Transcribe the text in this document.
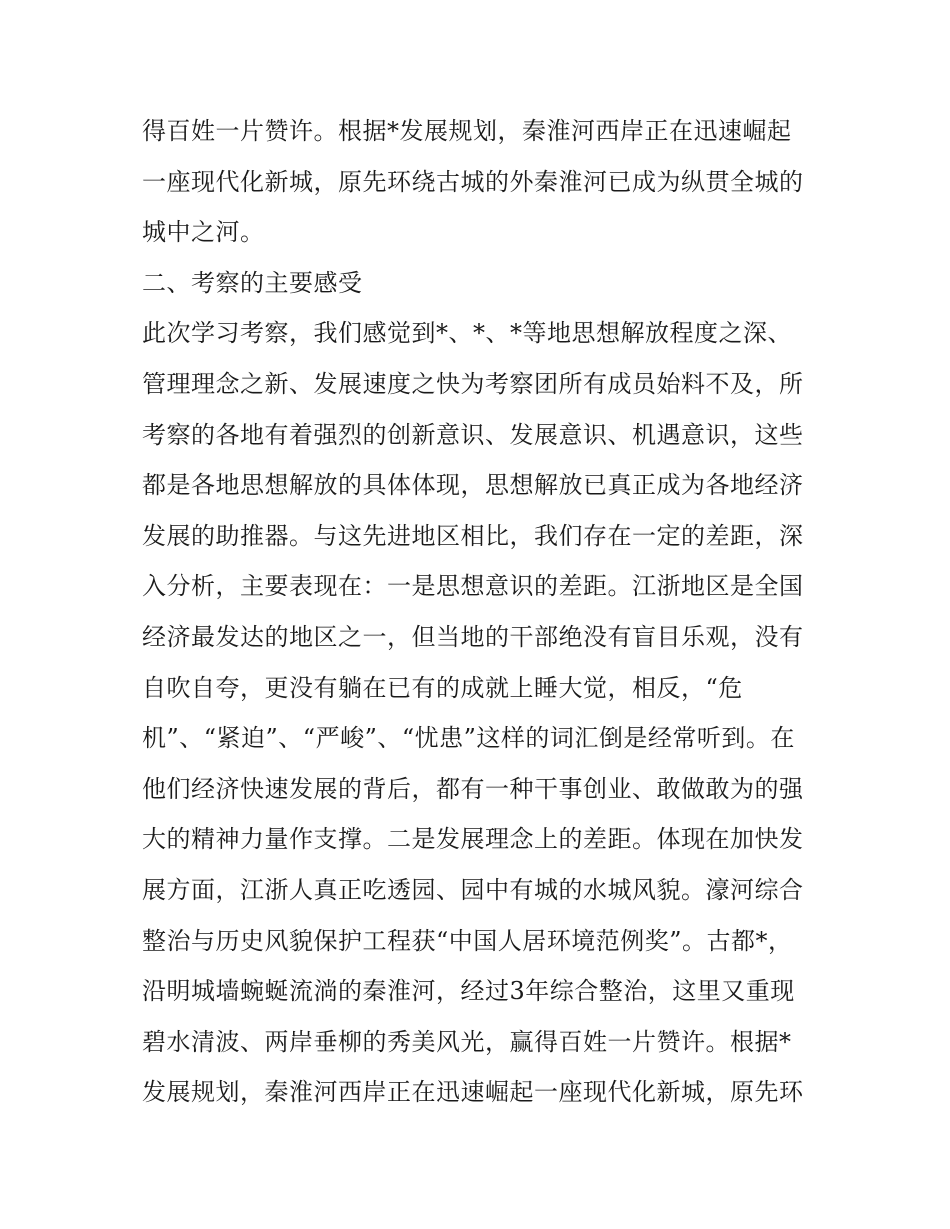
得百姓一片赞许。根据*发展规划，秦淮河西岸正在迅速崛起
一座现代化新城，原先环绕古城的外秦淮河已成为纵贯全城的
城中之河。
二、考察的主要感受
此次学习考察，我们感觉到*、*、*等地思想解放程度之深、
管理理念之新、发展速度之快为考察团所有成员始料不及，所
考察的各地有着强烈的创新意识、发展意识、机遇意识，这些
都是各地思想解放的具体体现，思想解放已真正成为各地经济
发展的助推器。与这先进地区相比，我们存在一定的差距，深
入分析，主要表现在：一是思想意识的差距。江浙地区是全国
经济最发达的地区之一，但当地的干部绝没有盲目乐观，没有
自吹自夸，更没有躺在已有的成就上睡大觉，相反，“危
机”、“紧迫”、“严峻”、“忧患”这样的词汇倒是经常听到。在
他们经济快速发展的背后，都有一种干事创业、敢做敢为的强
大的精神力量作支撑。二是发展理念上的差距。体现在加快发
展方面，江浙人真正吃透园、园中有城的水城风貌。濠河综合
整治与历史风貌保护工程获“中国人居环境范例奖”。古都*，
沿明城墙蜿蜒流淌的秦淮河，经过3年综合整治，这里又重现
碧水清波、两岸垂柳的秀美风光，赢得百姓一片赞许。根据*
发展规划，秦淮河西岸正在迅速崛起一座现代化新城，原先环
